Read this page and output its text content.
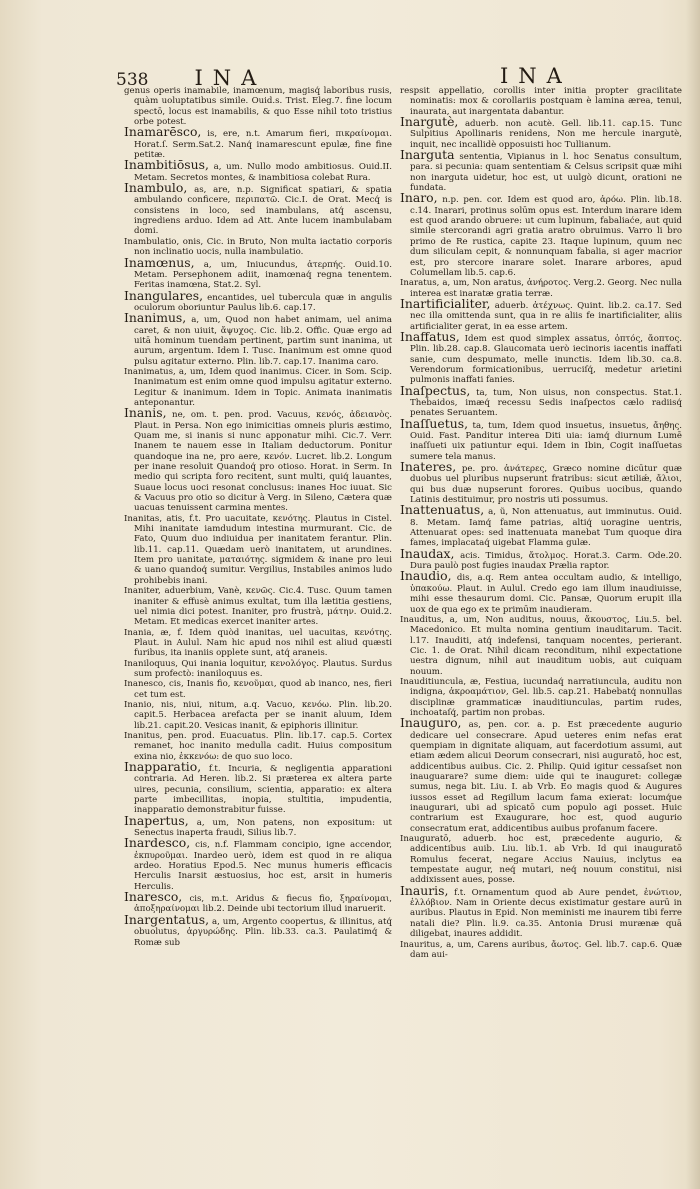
538 INA	INA

genus operis inamabile, inamœnum, magisq́ laboribus rusis, quàm uoluptatibus simile. Ouid.s. Trist. Eleg.7. fine locum spectō, locus est inamabilis, & quo Esse nihil toto tristius orbe potest.

Inamarēsco, is, ere, n.t. Amarum fieri, πικραίνομαι. Horat.ſ. Serm.Sat.2. Nanq́ inamarescunt epulæ, fine fine petitæ.

Inambitiōsus, a, um. Nullo modo ambitiosus. Ouid.II. Metam. Secretos montes, & inambitiosa colebat Rura.

Inambulo, as, are, n.p. Significat spatiari, & spatia ambulando conficere, περιπατῶ. Cic.I. de Orat. Mecq́ is consistens in loco, sed inambulans, atq́ ascensu, ingrediens arduo. Idem ad Att. Ante lucem inambulabam domi.

Inambulatio, onis, Cic. in Bruto, Non multa iactatio corporis non inclinatio uocis, nulla inambulatio.

Inamœnus, a, um, Iniucundus, ἀτερπής. Ouid.10. Metam. Persephonem adiit, inamœnaq́ regna tenentem. Feritas inamœna, Stat.2. Syl.

Inangulares, encantides, uel tubercula quæ in angulis oculorum oboriuntur Paulus lib.6. cap.17.

Inanimus, a, um, Quod non habet animam, uel anima caret, & non uiuit, ἄψυχος. Cic. lib.2. Offic. Quæ ergo ad uitā hominum tuendam pertinent, partim sunt inanima, ut aurum, argentum. Idem I. Tusc. Inanimum est omne quod pulsu agitatur externo. Plin. lib.7. cap.17. Inanima caro.

Inanimatus, a, um, Idem quod inanimus. Cicer. in Som. Scip. Inanimatum est enim omne quod impulsu agitatur externo. Legitur & inanimum. Idem in Topic. Animata inanimatis anteponantur.

Inanis, ne, om. t. pen. prod. Vacuus, κενός, ἀδειανὸς. Plaut. in Persa. Non ego inimicitias omneis pluris æstimo, Quam me, si inanis si nunc apponatur mihi. Cic.7. Verr. Inanem te nauem esse in Italiam deductorum. Ponitur quandoque ina ne, pro aere, κενόν. Lucret. lib.2. Longum per inane resoluit Quandoq́ pro otioso. Horat. in Serm. In medio qui scripta foro recitent, sunt multi, quiq́ lauantes, Suaue locus uoci resonat conclusus: inanes Hoc iuuat. Sic & Vacuus pro otio so dicitur à Verg. in Sileno, Cætera quæ uacuas tenuissent carmina mentes.

Inanitas, atis, f.t. Pro uacuitate, κενότης. Plautus in Cistel. Mihi inanitate iamdudum intestina murmurant. Cic. de Fato, Quum duo indiuidua per inanitatem ferantur. Plin. lib.11. cap.11. Quædam uerò inanitatem, ut arundines. Item pro uanitate, ματαιότης. sigmidem & inane pro leui & uano quandoq́ sumitur. Vergilius, Instabiles animos ludo prohibebis inani.

Inaniter, aduerbium, Vanè, κενῶς. Cic.4. Tusc. Quum tamen inaniter & effusè animus exultat, tum illa lætitia gestiens, uel nimia dici potest. Inaniter, pro frustrà, μάτην. Ouid.2. Metam. Et medicas exercet inaniter artes.

Inania, æ, f. Idem quòd inanitas, uel uacuitas, κενότης. Plaut. in Aulul. Nam hic apud nos nihil est aliud quæsti furibus, ita inaniis opplete sunt, atq́ araneis.

Inaniloquus, Qui inania loquitur, κενολόγος. Plautus. Surdus sum profectò: inaniloquus es.

Inanesco, cis, Inanis fio, κενοῦμαι, quod ab inanco, nes, fieri cet tum est.

Inanio, nis, niui, nitum, a.q. Vacuo, κενόω. Plin. lib.20. capit.5. Herbacea arefacta per se inanit aluum, Idem lib.21. capit.20. Vesicas inanit, & epiphoris illinitur.

Inanitus, pen. prod. Euacuatus. Plin. lib.17. cap.5. Cortex remanet, hoc inanito medulla cadit. Huius compositum exina nio, ἐκκενόω: de quo suo loco.

Inapparatio, f.t. Incuria, & negligentia apparationi contraria. Ad Heren. lib.2. Si præterea ex altera parte uires, pecunia, consilium, scientia, apparatio: ex altera parte imbecillitas, inopia, stultitia, impudentia, inapparatio demonstrabitur fuisse.

Inapertus, a, um, Non patens, non expositum: ut Senectus inaperta fraudi, Silius lib.7.

Inardesco, cis, n.f. Flammam concipio, igne accendor, ἐκπυροῦμαι. Inardeo uerò, idem est quod in re aliqua ardeo. Horatius Epod.5. Nec munus humeris efficacis Herculis Inarsit æstuosius, hoc est, arsit in humeris Herculis.

Inaresco, cis, m.t. Aridus & fiecus fio, ξηραίνομαι, ἀποξηραίνομαι lib.2. Deinde ubi tectorium illud inaruerit.

Inargentatus, a, um, Argento coopertus, & illinitus, atq́ obuolutus, ἀργυρώδης. Plin. lib.33. ca.3. Paulatimq́ & Romæ sub

respsit appellatio, corollis inter initia propter gracilitate nominatis: mox & corollariis postquam è lamina ærea, tenui, inaurata, aut inargentata dabantur.

Inargutè, aduerb. non acutè. Gell. lib.11. cap.15. Tunc Sulpitius Apollinaris renidens, Non me hercule inargutè, inquit, nec incallidè opposuisti hoc Tullianum.

Inarguta sententia, Vipianus in l. hoc Senatus consultum, para. si pecunia: quam sententiam & Celsus scripsit quæ mihi non inarguta uidetur, hoc est, ut uulgò dicunt, orationi ne fundata.

Inaro, n.p. pen. cor. Idem est quod aro, ἀρόω. Plin. lib.18. c.14. Inarari, protinus solūm opus est. Interdum inarare idem est quod arando obruere: ut cum lupinum, fabaliaće, aut quid simile stercorandi agri gratia aratro obruimus. Varro li bro primo de Re rustica, capite 23. Itaque lupinum, quum nec dum siliculam cepit, & nonnunquam fabalia, si ager macrior est, pro stercore inarare solet. Inarare arbores, apud Columellam lib.5. cap.6.

Inaratus, a, um, Non aratus, ἀνήροτος. Verg.2. Georg. Nec nulla interea est inaratæ gratia terræ.

Inartificialiter, aduerb. ἀτέχνως. Quint. lib.2. ca.17. Sed nec illa omittenda sunt, qua in re aliis fe inartificialiter, aliis artificialiter gerat, in ea esse artem.

Inaffatus, Idem est quod simplex assatus, ὀπτός, ἄοπτος. Plin. lib.28. cap.8. Glaucomata uerò iecinoris iacentis inaffati sanie, cum despumato, melle inunctis. Idem lib.30. ca.8. Verendorum formicationibus, uerruciſq́, medetur arietini pulmonis inaffati fanies.

Inaſpectus, ta, tum, Non uisus, non conspectus. Stat.1. Thebaidos, imæq́ recessu Sedis inaſpectos cælo radiisq́ penates Seruantem.

Inaſſuetus, ta, tum, Idem quod insuetus, insuetus, ἄηθης. Ouid. Fast. Panditur interea Diti uia: iamq́ diurnum Lumē inaſſueti uix patiuntur equi. Idem in Ibin, Cogit inaſſuetas sumere tela manus.

Inateres, pe. pro. ἀνάτερες, Græco nomine dicūtur quæ duobus uel pluribus nupserunt fratribus: sicut ætiliǽ, ἄλιοι, qui bus duæ nupserunt forores. Quibus uocibus, quando Latinis destituimur, pro nostris uti possumus.

Inattenuatus, a, ũ, Non attenuatus, aut imminutus. Ouid. 8. Metam. Iamq́ fame patrias, altiq́ uoragine uentris, Attenuarat opes: sed inattenuata manebat Tum quoque dira fames, implacataq́ uigebat Flamma gulæ.

Inaudax, acis. Timidus, ἄτολμος. Horat.3. Carm. Ode.20. Dura paulò post fugies inaudax Prælia raptor.

Inaudio, dis, a.q. Rem antea occultam audio, & intelligo, ὑπακούω. Plaut. in Aulul. Credo ego iam illum inaudiuisse, mihi esse thesaurum domi. Cic. Pansæ, Quorum erupit illa uox de qua ego ex te primūm inaudieram.

Inauditus, a, um, Non auditus, nouus, ἄκουστος, Liu.5. bel. Macedonico. Et multa nomina gentium inauditarum. Tacit. l.17. Inauditi, atq́ indefensi, tanquam nocentes, perierant. Cic. 1. de Orat. Nihil dicam reconditum, nihil expectatione uestra dignum, nihil aut inauditum uobis, aut cuiquam nouum.

Inauditiuncula, æ, Festiua, iucundaq́ narratiuncula, auditu non indigna, ἀκροαμάτιον, Gel. lib.5. cap.21. Habebatq́ nonnullas disciplinæ grammaticæ inauditiunculas, partim rudes, inchoataſq́, partim non probas.

Inauguro, as, pen. cor. a. p. Est præcedente augurio dedicare uel consecrare. Apud ueteres enim nefas erat quempiam in dignitate aliquam, aut facerdotium assumi, aut etiam ædem alicui Deorum consecrari, nisi auguratō, hoc est, addicentibus auibus. Cic. 2. Philip. Quid igitur cessaſset non inauguarare? sume diem: uide qui te inauguret: collegæ sumus, nega bit. Liu. I. ab Vrb. Eo magis quod & Augures iussos esset ad Regillum lacum fama exierat: locumq́ue inaugurari, ubi ad spicatō cum populo agi posset. Huic contrarium est Exaugurare, hoc est, quod augurio consecratum erat, addicentibus auibus profanum facere.

Inauguratō, aduerb. hoc est, præcedente augurio, & addicentibus auib. Liu. lib.1. ab Vrb. Id qui inauguratō Romulus fecerat, negare Accius Nauius, inclytus ea tempestate augur, neq́ mutari, neq́ nouum constitui, nisi addixissent aues, posse.

Inauris, f.t. Ornamentum quod ab Aure pendet, ἐνώτιον, ἐλλόβιον. Nam in Oriente decus existimatur gestare aurū in auribus. Plautus in Epid. Non meministi me inaurem tibi ferre natali die? Plin. li.9. ca.35. Antonia Drusi murænæ quā diligebat, inaures addidit.

Inauritus, a, um, Carens auribus, ἄωτος. Gel. lib.7. cap.6. Quæ dam aui-
